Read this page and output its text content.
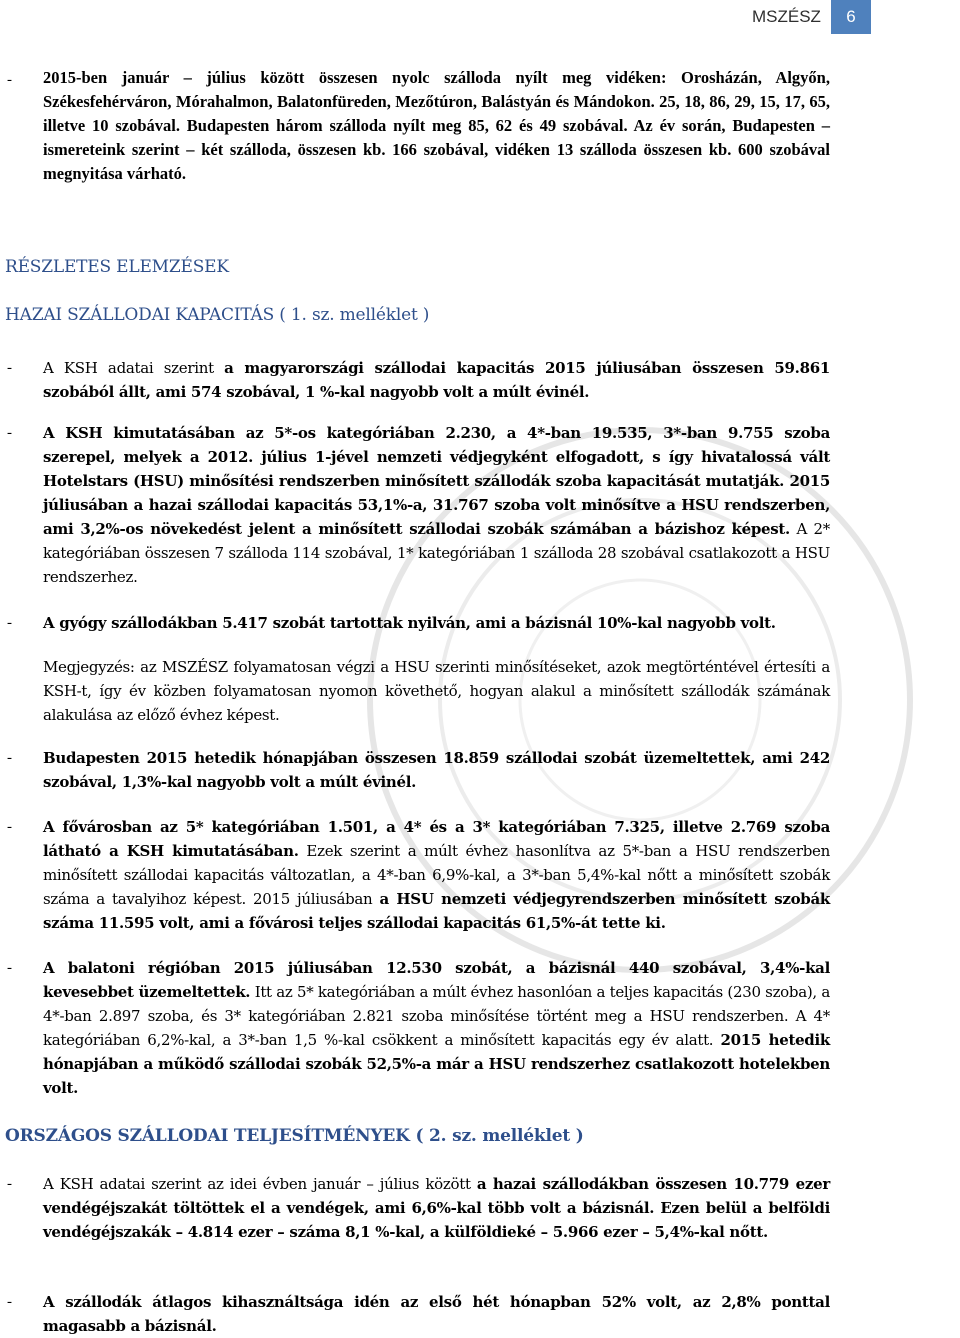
MSZÉSZ	6
- 2015-ben január – július között összesen nyolc szálloda nyílt meg vidéken: Orosházán, Algyőn, Székesfehérváron, Mórahalmon, Balatonfüreden, Mezőtúron, Balástyán és Mándokon. 25, 18, 86, 29, 15, 17, 65, illetve 10 szobával. Budapesten három szálloda nyílt meg 85, 62 és 49 szobával. Az év során, Budapesten – ismereteink szerint – két szálloda, összesen kb. 166 szobával, vidéken 13 szálloda összesen kb. 600 szobával megnyitása várható.
RÉSZLETES ELEMZÉSEK
HAZAI SZÁLLODAI KAPACITÁS ( 1. sz. melléklet )
- A KSH adatai szerint a magyarországi szállodai kapacitás 2015 júliusában összesen 59.861 szobából állt, ami 574 szobával, 1 %-kal nagyobb volt a múlt évinél.
- A KSH kimutatásában az 5*-os kategóriában 2.230, a 4*-ban 19.535, 3*-ban 9.755 szoba szerepel, melyek a 2012. július 1-jével nemzeti védjegyként elfogadott, s így hivatalossá vált Hotelstars (HSU) minősítési rendszerben minősített szállodák szoba kapacitását mutatják. 2015 júliusában a hazai szállodai kapacitás 53,1%-a, 31.767 szoba volt minősítve a HSU rendszerben, ami 3,2%-os növekedést jelent a minősített szállodai szobák számában a bázishoz képest. A 2* kategóriában összesen 7 szálloda 114 szobával, 1* kategóriában 1 szálloda 28 szobával csatlakozott a HSU rendszerhez.
- A gyógy szállodákban 5.417 szobát tartottak nyilván, ami a bázisnál 10%-kal nagyobb volt.
Megjegyzés: az MSZÉSZ folyamatosan végzi a HSU szerinti minősítéseket, azok megtörténtével értesíti a KSH-t, így év közben folyamatosan nyomon követhető, hogyan alakul a minősített szállodák számának alakulása az előző évhez képest.
- Budapesten 2015 hetedik hónapjában összesen 18.859 szállodai szobát üzemeltettek, ami 242 szobával, 1,3%-kal nagyobb volt a múlt évinél.
- A fővárosban az 5* kategóriában 1.501, a 4* és a 3* kategóriában 7.325, illetve 2.769 szoba látható a KSH kimutatásában. Ezek szerint a múlt évhez hasonlítva az 5*-ban a HSU rendszerben minősített szállodai kapacitás változatlan, a 4*-ban 6,9%-kal, a 3*-ban 5,4%-kal nőtt a minősített szobák száma a tavalyihoz képest. 2015 júliusában a HSU nemzeti védjegyrendszerben minősített szobák száma 11.595 volt, ami a fővárosi teljes szállodai kapacitás 61,5%-át tette ki.
- A balatoni régióban 2015 júliusában 12.530 szobát, a bázisnál 440 szobával, 3,4%-kal kevesebbet üzemeltettek. Itt az 5* kategóriában a múlt évhez hasonlóan a teljes kapacitás (230 szoba), a 4*-ban 2.897 szoba, és 3* kategóriában 2.821 szoba minősítése történt meg a HSU rendszerben. A 4* kategóriában 6,2%-kal, a 3*-ban 1,5 %-kal csökkent a minősített kapacitás egy év alatt. 2015 hetedik hónapjában a működő szállodai szobák 52,5%-a már a HSU rendszerhez csatlakozott hotelekben volt.
ORSZÁGOS SZÁLLODAI TELJESÍTMÉNYEK ( 2. sz. melléklet )
- A KSH adatai szerint az idei évben január – július között a hazai szállodákban összesen 10.779 ezer vendégéjszakát töltöttek el a vendégek, ami 6,6%-kal több volt a bázisnál. Ezen belül a belföldi vendégéjszakák – 4.814 ezer – száma 8,1 %-kal, a külföldieké – 5.966 ezer – 5,4%-kal nőtt.
- A szállodák átlagos kihasználtsága idén az első hét hónapban 52% volt, az 2,8% ponttal magasabb a bázisnál.
